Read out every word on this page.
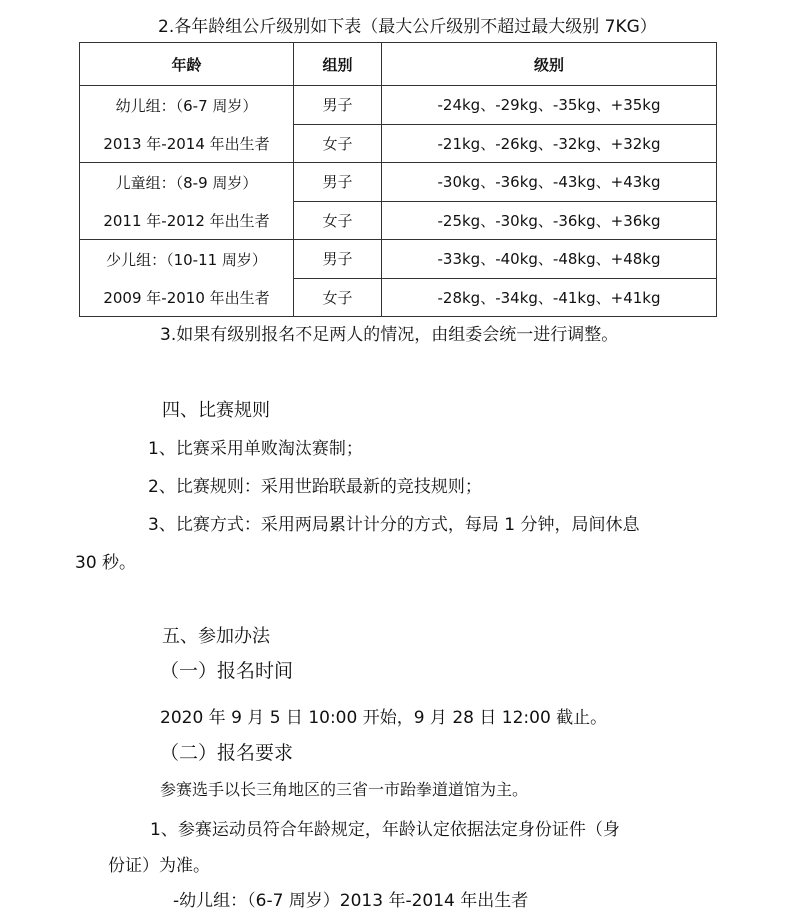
2.各年龄组公斤级别如下表（最大公斤级别不超过最大级别 7KG）
年龄	组别	级别

幼儿组：（6-7 周岁）
2013 年-2014 年出生者	男子	-24kg、-29kg、-35kg、+35kg
	女子	-21kg、-26kg、-32kg、+32kg

儿童组：（8-9 周岁）
2011 年-2012 年出生者	男子	-30kg、-36kg、-43kg、+43kg
	女子	-25kg、-30kg、-36kg、+36kg

少儿组：（10-11 周岁）
2009 年-2010 年出生者	男子	-33kg、-40kg、-48kg、+48kg
	女子	-28kg、-34kg、-41kg、+41kg
3.如果有级别报名不足两人的情况，由组委会统一进行调整。
四、比赛规则
1、比赛采用单败淘汰赛制；
2、比赛规则：采用世跆联最新的竞技规则；
3、比赛方式：采用两局累计计分的方式，每局 1 分钟，局间休息
30 秒。
五、参加办法
（一）报名时间
2020 年 9 月 5 日 10:00 开始，9 月 28 日 12:00 截止。
（二）报名要求
参赛选手以长三角地区的三省一市跆拳道道馆为主。
1、参赛运动员符合年龄规定，年龄认定依据法定身份证件（身
份证）为准。
-幼儿组：（6-7 周岁）2013 年-2014 年出生者
